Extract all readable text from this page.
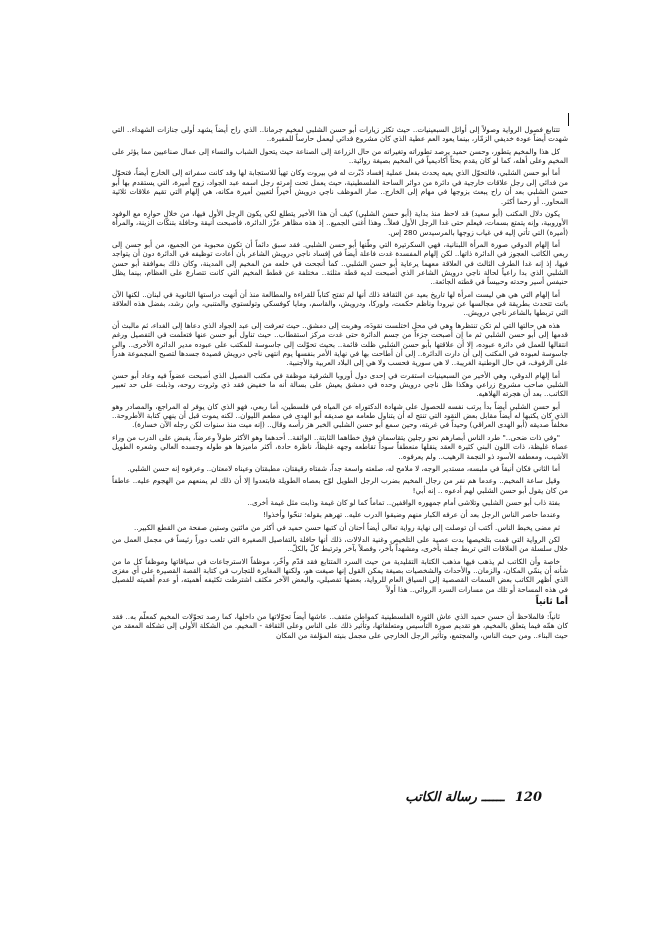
تتتابع فصول الرواية وصولاً إلى أوائل السبعينيات.. حيث تكثر زيارات أبو حسن الشلبي لمخيم جرمانا.. الذي راح أيضاً يشهد أولى جنازات الشهداء.. التي شهدت أيضاً عودة خديفي الزمّار، بينما يعود العم عطية الذي كان مشروع فدائي ليعمل حارساً للمقبرة..

كل هذا والمخيم يتطور، وحسن حميد يرصد تطوراته وتغيراته من حال الزراعة إلى الصناعة حيث يتحول الشباب والنساء إلى عمال صناعيين مما يؤثر على المخيم وعلى أهله، كما لو كان يقدم بحثاً أكاديمياً في المخيم بصيغة روائية..

أما أبو حسن الشلبي، فالتحوّل الذي يعيه يحدث بفعل عملية إفساد دُبّرت له في بيروت وكان تهيأ للاستجابة لها وقد كانت سفراته إلى الخارج أيضاً، فتحوّل من فدائي إلى رجل علاقات خارجية في دائرة من دوائر الساحة الفلسطينية، حيث يعمل تحت إمرته رجل اسمه عبد الجواد، زوج أميرة، التي يستقدم بها أبو حسن الشلبي بعد أن راح يبعث بزوجها في مهام إلى الخارج.. صار الموظف ناجي درويش أخيراً لتعيين أميرة مكانه، هي إلهام التي تقيم علاقات ثلاثية المحاور.. أو رحما أكثر.

يكون دلال المكتب (أبو سعيد) قد لاحظ منذ بداية (أبو حسن الشلبي) كيف أن هذا الأخير يتطلع لكي يكون الرجل الأول فيها، من خلال حوارِه مع الوفود الأوروبية، وإنه يتمتع بسمات، فيعلم حتى غدا الرجل الأول فعلاً.. وهذا أغنى الجميع.. إذ هذه مظاهر عزّز الدائرة، فأصبحت أنيقة وحافلة بتنكّات الزينة، والمرأة (أميرة) التي تأتي إليه في غياب زوجها بالمرسيدس 280 إس.

أما إلهام الدوقي صورة المرأة اللبنانية، فهي السكرتيرة التي وطّنها أبو حسن الشلبي. فقد سبق دائماً أن تكون محبوبة من الجميع، من أبو حسن إلى ربعي الكاتب العجوز في الدائرة ذاتها.. لكن إلهام المفسدة غدت فاعلة أيضاً في إفساد ناجي درويش الشاعر بأن أعادت توظيفه في الدائرة دون أن يتواجد فيها، إذ إنه غدا الطرف الثالث في العلاقة معهما يرعاية أبو حسن الشلبي.. كما أنجحت في خلعه من المخيم إلى المدينة، وكان ذلك بموافقة أبو حسن الشلبي الذي بدا راعياً لحالة ناجي درويش الشاعر الذي أصبحت لديه قطة مثلثة.. مختلفة عن قطط المخيم التي كانت تتصارع على العظام، بينما يظل حنيفس أسير وحدته وحبيساً في قطته الجائعة..

أما إلهام التي هي هي ليست امرأة لها تاريخ بعيد عن الثقافة ذلك أنها لم تفتح كتاباً للقراءة والمطالعة منذ أن أنهت دراستها الثانوية في لبنان.. لكنها الآن باتت تتحدث بطريقة في مجالسها عن نيرودا وناظم حكمت، ولوركا، ودرويش، والقاسم، ومايا كوفسكي وتولستوي والمتنبي، وابن رشد، بفضل هذه العلاقة التي تربطها بالشاعر ناجي درويش..

هذه هي حالتها التي لم تكن تنتظرها وهي في محل اختلست نقودَه، وهربت إلى دمشق.. حيث تعرفت إلى عبد الجواد الذي دعاها إلى الغداء، ثم مالبث أن قدمها إلى أبو حسن الشلبي ثم ما إن أصبحت جزءاً من جسم الدائرة حتى غدت مركز استقطاب.. حيث تناول أبو حسن عنها فتعلمت في التفصيل ورغم انتقالها للعمل في دائرة عبوده، إلا أن علاقتها بأبو حسن الشلبي ظلت قائمة.. بحيث تحوّلت إلى جاسوسة للمكتب على عبوده مدير الدائرة الأخرى.. والى جاسوسة لعبوده في المكتب إلى أن دارت الدائرة.. إلى أن أطاحت بها في نهاية الأمر بنفسها يوم انتهى ناجي درويش قصيدة جسدها لتصبح المجموعة هدراً على الرفوف، في حال الوطنية الغريبة.. لا هي سورية فحسب ولا هي إلى البلاد العربية والأجنبية.

أما إلهام الدوقي، وهي الأخير من السبعينيات استقرت في إحدى دول أوروبا الشرقية موظفة في مكتب الفصيل الذي أصبحت عضواً فيه وعاد أبو حسن الشلبي صاحب مشروع زراعي وهكذا ظل ناجي درويش وحده في دمشق يعيش على بسالة أنه ما خفيض فقد ذي وثروت روحه، وذبلت على حد تعبير الكاتب.. بعد أن هجرته الهلاهيه.

أبو حسن الشلبي أيضاً بدأ يرتب نفسه للحصول على شهادة الدكتوراه عن المياه في فلسطين، أما ربعي، فهو الذي كان يوفر له المراجع، والمصادر وهو الذي كان يكتبها له أيضاً مقابل بعض النقود التي تنتج له أن يتناول طعامه مع صديقه أبو الهدى في مطعم الليوان.. لكنه يموت قبل أن ينهي كتابة الأطروحة.. مخلفاً صديقه (أبو الهدى العراقي) وحيداً في غربته، وحين سمع أبو حسن الشلبي الخبر هز رأسه وقال.. (إنه ميت منذ سنوات لكن رجله الآن خسارة).

"وفي ذات ضحى.." طرد الناس أبصارهم نحو رجلين يتقاسمان فوق خطاهما الثابتة.. الواثقة.. أحدهما وهو الأكثر طولاً وعرضاً، يقبض على الدرب من وراء عصاة غليظة، ذات اللون البني كثيرة العقد ينقلها منعطفاً سوداً تقاطعه وجهه غليظاً، ناظرة حادة، أكثر ماميزها هو طوله وجسده العالي وشعره الطويل الأشيب، ومعطفه الأسود ذو النجمة الرهيب.. ولم يعرفوه..

أما الثاني فكان أنيقاً في ملبسه، مستدير الوجه، لا ملامح له، صلعته واسعة جداً، شفتاه رقيقتان، مطبقتان وعيناه لامعتان.. وعرفوه إنه حسن الشلبي.

وقيل ساعة المخيم.. وعدما هم نفر من رجال المخيم بضرب الرجل الطويل لوّح بعصاه الطويلة فابتعدوا إلا أن ذلك لم يمنعهم من الهجوم عليه.. عاطفاً من كان يقول أبو حسن الشلبي لهم أدعوه .. إنه أبي!

بفتة ذاب أبو حسن الشلبي وتلاشى أمام جمهوره الواقفين.. تماماً كما لو كان غيمة وذابت مثل غيمة أخرى..

وعندما حاصر الناس الرجل بعد أن عرفه الكبار منهم وضيقوا الدرب عليه.. تهرهم بقوله: تنحّوا وأخذوا!

ثم مضى يخبط الناس. أكتب أن توصلت إلى نهاية رواية تعالى أيضاً أحنان أن كتبها حسن حميد في أكثر من مائتين وستين صفحة من القطع الكبير..

لكن الرواية التي قمت بتلخيصها بدت عصية على التلخيص وغنية الدلالات، ذلك أنها حافلة بالتفاصيل الصغيرة التي تلعب دوراً رئيساً في مجمل العمل من خلال سلسلة من العلاقات التي تربط جملة بأخرى، ومشهداً بآخر، وفصلاً بآخر وترتبط كلّ بالكلّ..

خاصة وأن الكاتب لم يذهب فيها مذهب الكتابة التقليدية من حيث السرد المتتابع فقد قدّم وأخّر، موظفاً الاسترجاعات في سياقاتها وموظفاً كل ما من شأنه أن ينمّي المكان، والزمان.. والأحداث والشخصيات بصيغة يمكن القول إنها صيغت هو، ولكنها المغايرة للتجارب في كتابة القصة القصيرة على أي مغزى الذي أظهر الكاتب بعض السمات القصصية إلى السياق العام للرواية، بعضها تفصيلي، والبعض الآخر مكثف اشترطت تكثيفه أهميته، أو عدم أهميته للفصيل في هذه المساحة أو تلك من مسارات السرد الروائي.. هذا أولاً

أما ثانياً

ثانياً: فالملاحظ أن حسن حميد الذي عاش الثورة الفلسطينية كمواطن مثقف.. عاشها أيضاً تحوّلاتها من داخلها، كما رصد تحوّلات المخيم كمعلّم به.. فقد كان همّه فيما يتعلق بالمخيم، هو تقديم صورة التأسيس ومتعلقاتها، وتأثير ذلك على الناس وعلى الثقافة - المخيم. من الشكلة الأولى إلى تشكله المعقد من حيث البناء.. ومن حيث الناس، والمجتمع، وتأثير الرجل الخارجي على مجمل بنيته المؤلفة من المكان

120 ــــــ رسالة الكاتب
